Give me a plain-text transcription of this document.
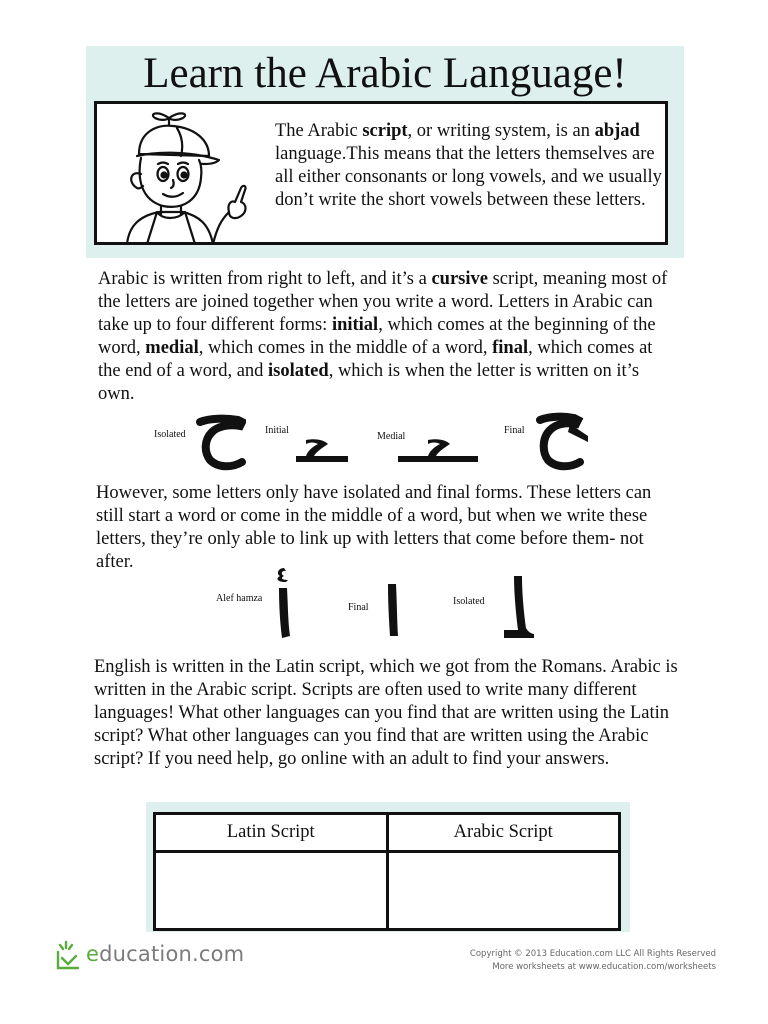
Learn the Arabic Language!
The Arabic script, or writing system, is an abjad language.This means that the letters themselves are all either consonants or long vowels, and we usually don’t write the short vowels between these letters.
Arabic is written from right to left, and it’s a cursive script, meaning most of the letters are joined together when you write a word. Letters in Arabic can take up to four different forms: initial, which comes at the beginning of the word, medial, which comes in the middle of a word, final, which comes at the end of a word, and isolated, which is when the letter is written on it’s own.
Isolated	Initial
Medial
Final
However, some letters only have isolated and final forms. These letters can still start a word or come in the middle of a word, but when we write these letters, they’re only able to link up with letters that come before them- not after.
Alef hamza
Final
Isolated
English is written in the Latin script, which we got from the Romans. Arabic is written in the Arabic script. Scripts are often used to write many different languages! What other languages can you find that are written using the Latin script? What other languages can you find that are written using the Arabic script? If you need help, go online with an adult to find your answers.
Latin Script	Arabic Script

education.com	Copyright © 2013 Education.com LLC All Rights Reserved
More worksheets at www.education.com/worksheets
